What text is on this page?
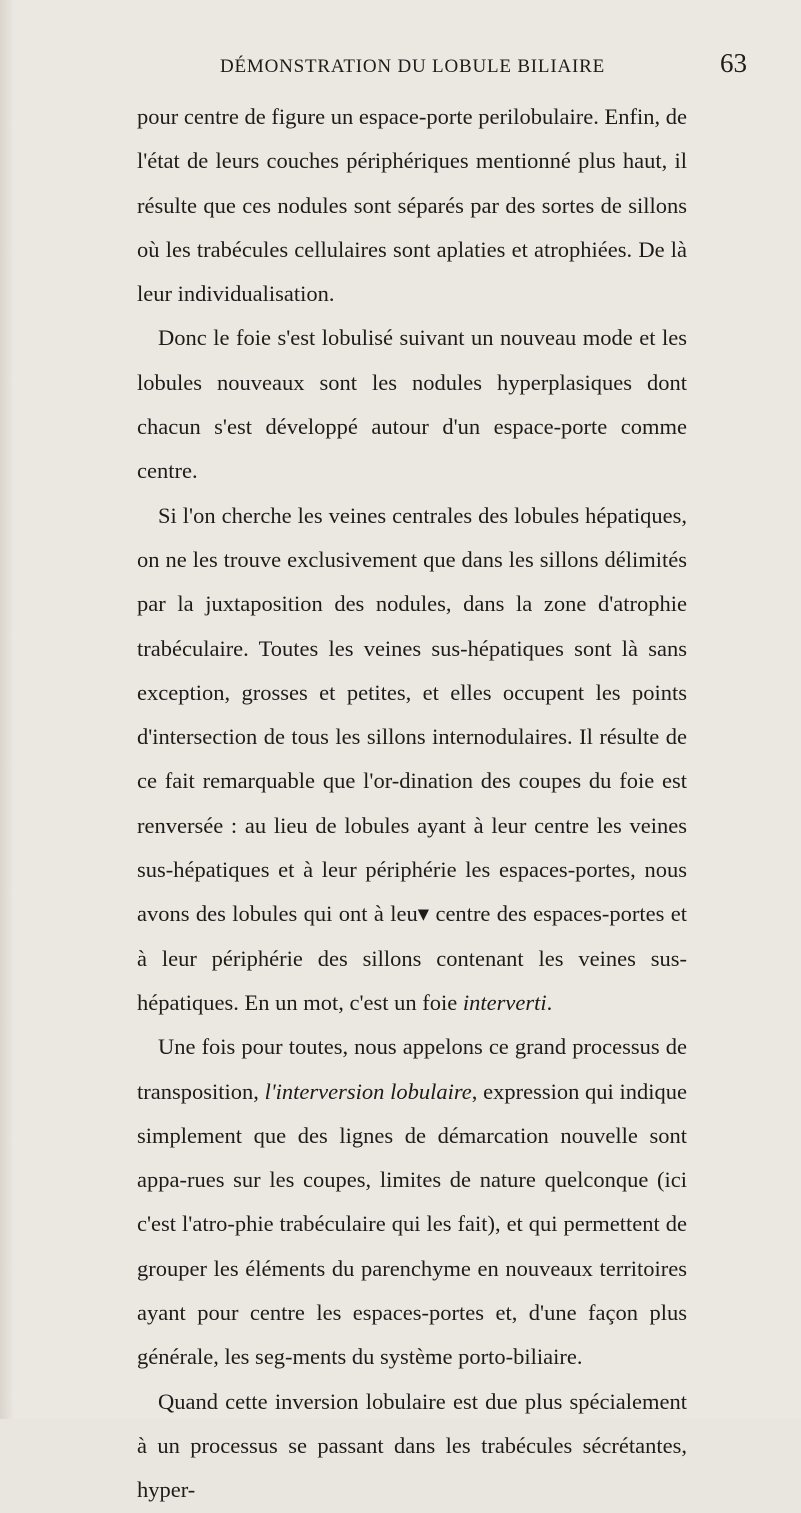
DÉMONSTRATION DU LOBULE BILIAIRE	63

pour centre de figure un espace-porte perilobulaire. Enfin, de l'état de leurs couches périphériques mentionné plus haut, il résulte que ces nodules sont séparés par des sortes de sillons où les trabécules cellulaires sont aplaties et atrophiées. De là leur individualisation.

Donc le foie s'est lobulisé suivant un nouveau mode et les lobules nouveaux sont les nodules hyperplasiques dont chacun s'est développé autour d'un espace-porte comme centre.

Si l'on cherche les veines centrales des lobules hépatiques, on ne les trouve exclusivement que dans les sillons délimités par la juxtaposition des nodules, dans la zone d'atrophie trabéculaire. Toutes les veines sus-hépatiques sont là sans exception, grosses et petites, et elles occupent les points d'intersection de tous les sillons internodulaires. Il résulte de ce fait remarquable que l'or-dination des coupes du foie est renversée : au lieu de lobules ayant à leur centre les veines sus-hépatiques et à leur périphérie les espaces-portes, nous avons des lobules qui ont à leu▾ centre des espaces-portes et à leur périphérie des sillons contenant les veines sus-hépatiques. En un mot, c'est un foie interverti.

Une fois pour toutes, nous appelons ce grand processus de transposition, l'interversion lobulaire, expression qui indique simplement que des lignes de démarcation nouvelle sont appa-rues sur les coupes, limites de nature quelconque (ici c'est l'atro-phie trabéculaire qui les fait), et qui permettent de grouper les éléments du parenchyme en nouveaux territoires ayant pour centre les espaces-portes et, d'une façon plus générale, les seg-ments du système porto-biliaire.

Quand cette inversion lobulaire est due plus spécialement à un processus se passant dans les trabécules sécrétantes, hyper-
